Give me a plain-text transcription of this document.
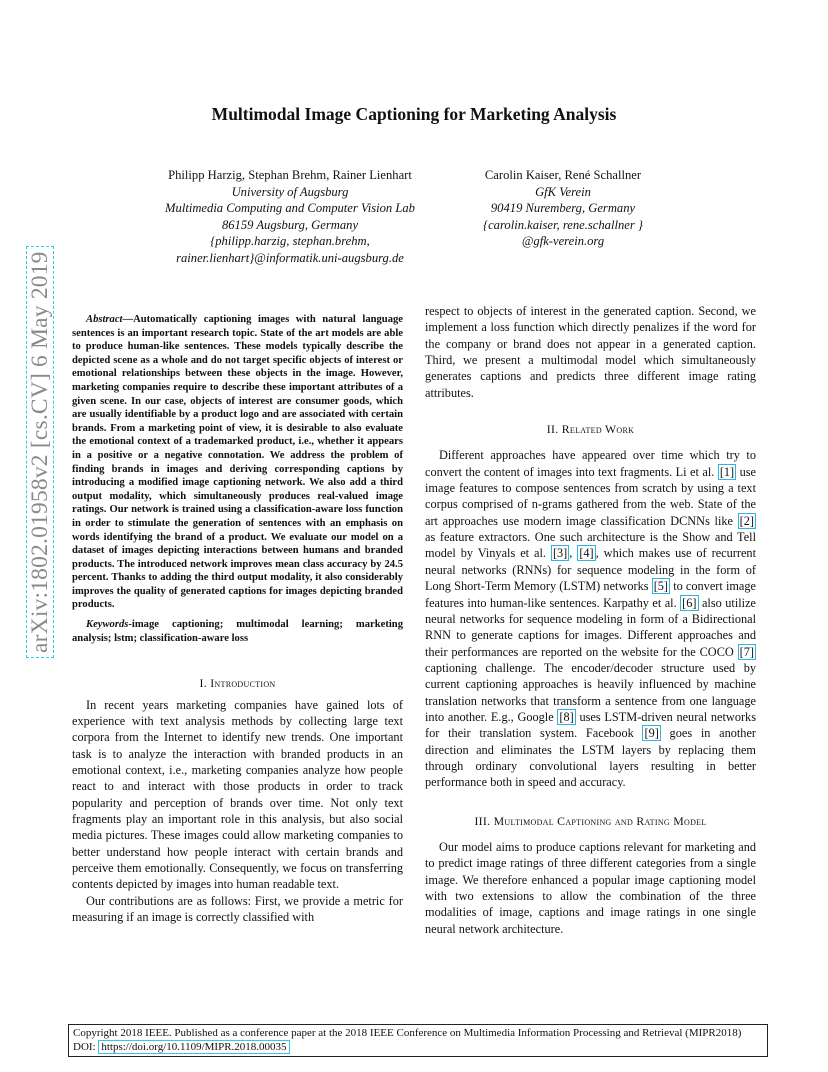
Multimodal Image Captioning for Marketing Analysis
Philipp Harzig, Stephan Brehm, Rainer Lienhart
University of Augsburg
Multimedia Computing and Computer Vision Lab
86159 Augsburg, Germany
{philipp.harzig, stephan.brehm,
rainer.lienhart}@informatik.uni-augsburg.de
Carolin Kaiser, René Schallner
GfK Verein
90419 Nuremberg, Germany
{carolin.kaiser, rene.schallner }
@gfk-verein.org
arXiv:1802.01958v2 [cs.CV] 6 May 2019	Abstract—Automatically captioning images with natural language sentences is an important research topic. State of the art models are able to produce human-like sentences. These models typically describe the depicted scene as a whole and do not target specific objects of interest or emotional relationships between these objects in the image. However, marketing companies require to describe these important attributes of a given scene. In our case, objects of interest are consumer goods, which are usually identifiable by a product logo and are associated with certain brands. From a marketing point of view, it is desirable to also evaluate the emotional context of a trademarked product, i.e., whether it appears in a positive or a negative connotation. We address the problem of finding brands in images and deriving corresponding captions by introducing a modified image captioning network. We also add a third output modality, which simultaneously produces real-valued image ratings. Our network is trained using a classification-aware loss function in order to stimulate the generation of sentences with an emphasis on words identifying the brand of a product. We evaluate our model on a dataset of images depicting interactions between humans and branded products. The introduced network improves mean class accuracy by 24.5 percent. Thanks to adding the third output modality, it also considerably improves the quality of generated captions for images depicting branded products.

Keywords-image captioning; multimodal learning; marketing analysis; lstm; classification-aware loss

I. Introduction

In recent years marketing companies have gained lots of experience with text analysis methods by collecting large text corpora from the Internet to identify new trends. One important task is to analyze the interaction with branded products in an emotional context, i.e., marketing companies analyze how people react to and interact with those products in order to track popularity and perception of brands over time. Not only text fragments play an important role in this analysis, but also social media pictures. These images could allow marketing companies to better understand how people interact with certain brands and perceive them emotionally. Consequently, we focus on transferring contents depicted by images into human readable text.

Our contributions are as follows: First, we provide a metric for measuring if an image is correctly classified with

respect to objects of interest in the generated caption. Second, we implement a loss function which directly penalizes if the word for the company or brand does not appear in a generated caption. Third, we present a multimodal model which simultaneously generates captions and predicts three different image rating attributes.

II. Related Work

Different approaches have appeared over time which try to convert the content of images into text fragments. Li et al. [1] use image features to compose sentences from scratch by using a text corpus comprised of n-grams gathered from the web. State of the art approaches use modern image classification DCNNs like [2] as feature extractors. One such architecture is the Show and Tell model by Vinyals et al. [3] , [4] , which makes use of recurrent neural networks (RNNs) for sequence modeling in the form of Long Short-Term Memory (LSTM) networks [5] to convert image features into human-like sentences. Karpathy et al. [6] also utilize neural networks for sequence modeling in form of a Bidirectional RNN to generate captions for images. Different approaches and their performances are reported on the website for the COCO [7] captioning challenge. The encoder/decoder structure used by current captioning approaches is heavily influenced by machine translation networks that transform a sentence from one language into another. E.g., Google [8] uses LSTM-driven neural networks for their translation system. Facebook [9] goes in another direction and eliminates the LSTM layers by replacing them through ordinary convolutional layers resulting in better performance both in speed and accuracy.

III. Multimodal Captioning and Rating Model

Our model aims to produce captions relevant for marketing and to predict image ratings of three different categories from a single image. We therefore enhanced a popular image captioning model with two extensions to allow the combination of the three modalities of image, captions and image ratings in one single neural network architecture.

Copyright 2018 IEEE. Published as a conference paper at the 2018 IEEE Conference on Multimedia Information Processing and Retrieval (MIPR2018)
DOI: https://doi.org/10.1109/MIPR.2018.00035
